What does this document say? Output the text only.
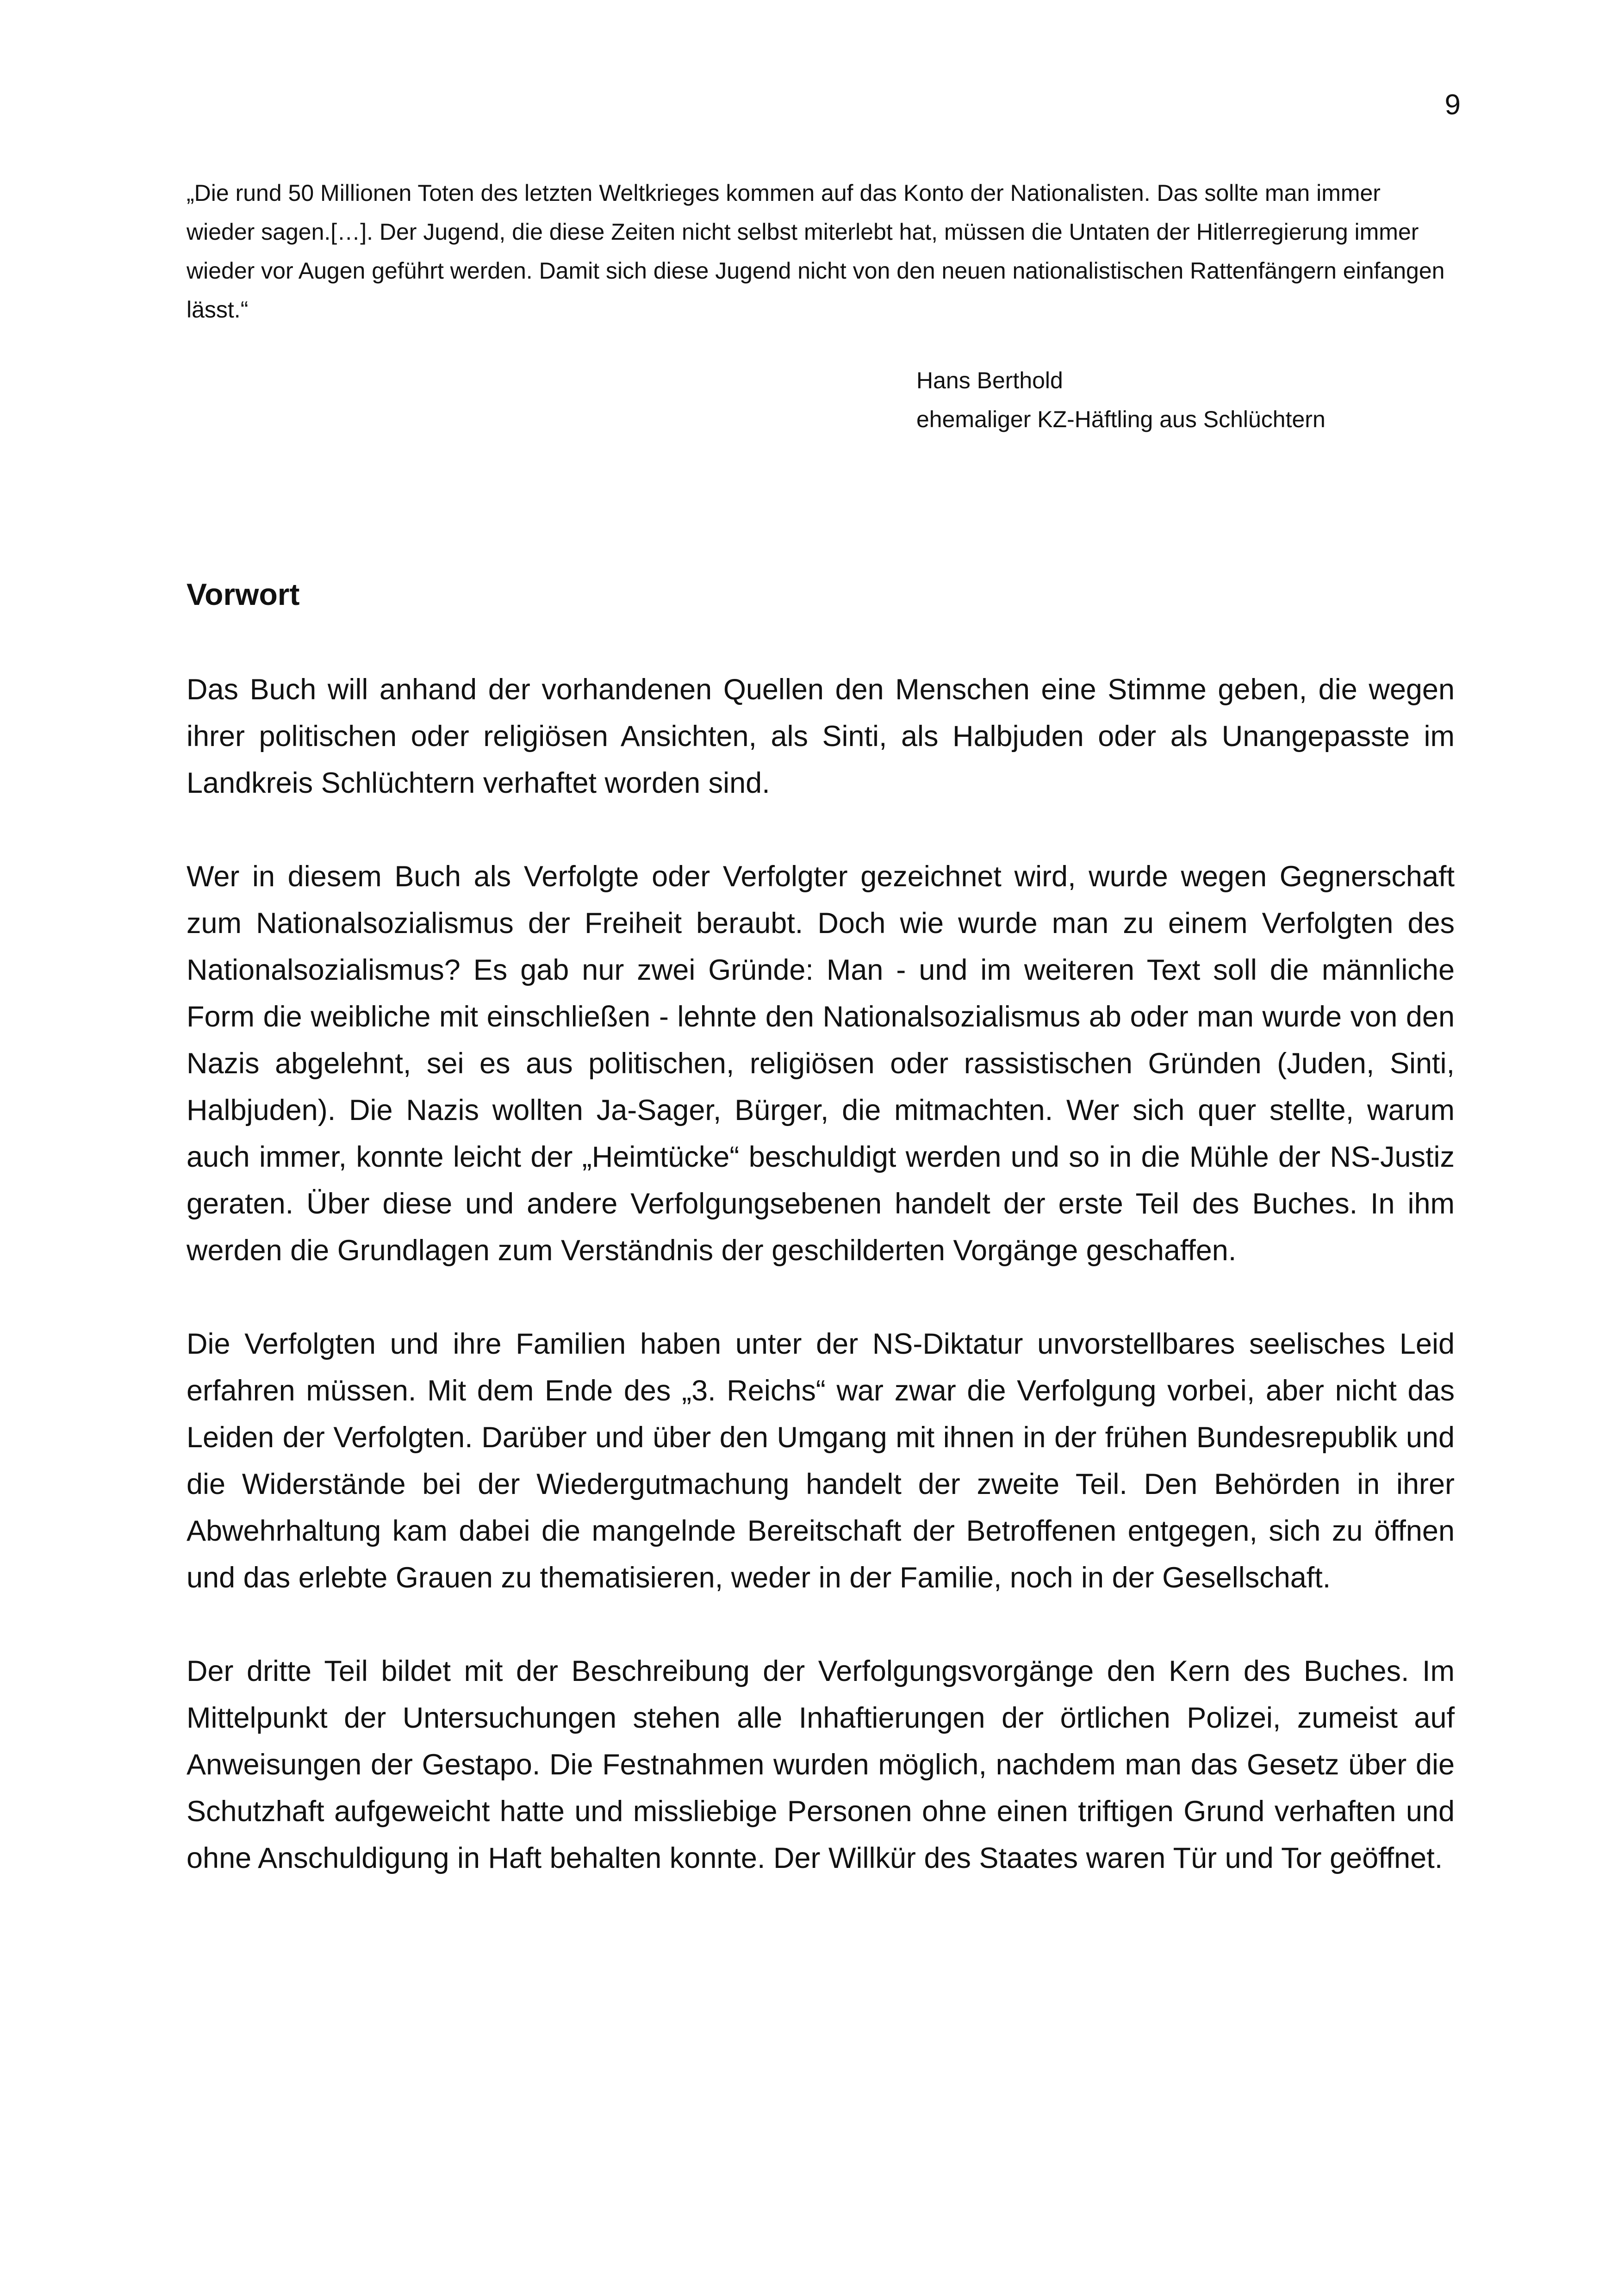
9

„Die rund 50 Millionen Toten des letzten Weltkrieges kommen auf das Konto der Nationalisten. Das sollte man immer wieder sagen.[…]. Der Jugend, die diese Zeiten nicht selbst miterlebt hat, müssen die Untaten der Hitlerregierung immer wieder vor Augen geführt werden. Damit sich diese Jugend nicht von den neuen nationalistischen Rattenfängern einfangen lässt.“

Hans Berthold
ehemaliger KZ-Häftling aus Schlüchtern
Vorwort

Das Buch will anhand der vorhandenen Quellen den Menschen eine Stimme geben, die wegen ihrer politischen oder religiösen Ansichten, als Sinti, als Halbjuden oder als Unangepasste im Landkreis Schlüchtern verhaftet worden sind.

Wer in diesem Buch als Verfolgte oder Verfolgter gezeichnet wird, wurde wegen Gegnerschaft zum Nationalsozialismus der Freiheit beraubt. Doch wie wurde man zu einem Verfolgten des Nationalsozialismus? Es gab nur zwei Gründe: Man - und im weiteren Text soll die männliche Form die weibliche mit einschließen - lehnte den Nationalsozialismus ab oder man wurde von den Nazis abgelehnt, sei es aus politischen, religiösen oder rassistischen Gründen (Juden, Sinti, Halbjuden). Die Nazis wollten Ja-Sager, Bürger, die mitmachten. Wer sich quer stellte, warum auch immer, konnte leicht der „Heimtücke“ beschuldigt werden und so in die Mühle der NS-Justiz geraten. Über diese und andere Verfolgungsebenen handelt der erste Teil des Buches. In ihm werden die Grundlagen zum Verständnis der geschilderten Vorgänge geschaffen.

Die Verfolgten und ihre Familien haben unter der NS-Diktatur unvorstellbares seelisches Leid erfahren müssen. Mit dem Ende des „3. Reichs“ war zwar die Verfolgung vorbei, aber nicht das Leiden der Verfolgten. Darüber und über den Umgang mit ihnen in der frühen Bundesrepublik und die Widerstände bei der Wiedergutmachung handelt der zweite Teil. Den Behörden in ihrer Abwehrhaltung kam dabei die mangelnde Bereitschaft der Betroffenen entgegen, sich zu öffnen und das erlebte Grauen zu thematisieren, weder in der Familie, noch in der Gesellschaft.

Der dritte Teil bildet mit der Beschreibung der Verfolgungsvorgänge den Kern des Buches. Im Mittelpunkt der Untersuchungen stehen alle Inhaftierungen der örtlichen Polizei, zumeist auf Anweisungen der Gestapo. Die Festnahmen wurden möglich, nachdem man das Gesetz über die Schutzhaft aufgeweicht hatte und missliebige Personen ohne einen triftigen Grund verhaften und ohne Anschuldigung in Haft behalten konnte. Der Willkür des Staates waren Tür und Tor geöffnet.
